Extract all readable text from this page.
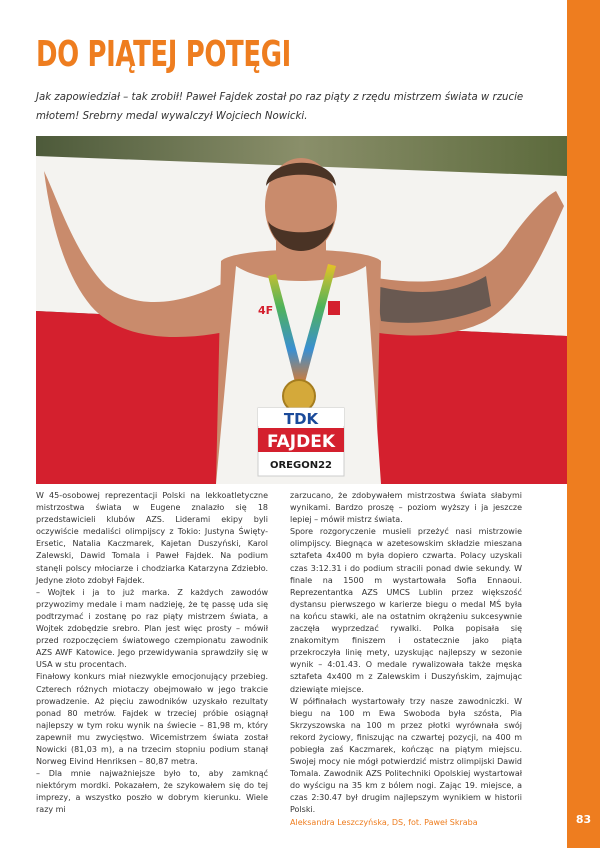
83
DO PIĄTEJ POTĘGI

Jak zapowiedział – tak zrobił! Paweł Fajdek został po raz piąty z rzędu mistrzem świata w rzucie młotem! Srebrny medal wywalczył Wojciech Nowicki.

4F
TDK
FAJDEK
OREGON22

W 45-osobowej reprezentacji Polski na lekkoatletyczne mistrzostwa świata w Eugene znalazło się 18 przedstawicieli klubów AZS. Liderami ekipy byli oczywiście medaliści olimpijscy z Tokio: Justyna Święty-Ersetic, Natalia Kaczmarek, Kajetan Duszyński, Karol Zalewski, Dawid Tomala i Paweł Fajdek. Na podium stanęli polscy młociarze i chodziarka Katarzyna Zdziebło. Jedyne złoto zdobył Fajdek.

– Wojtek i ja to już marka. Z każdych zawodów przywozimy medale i mam nadzieję, że tę passę uda się podtrzymać i zostanę po raz piąty mistrzem świata, a Wojtek zdobędzie srebro. Plan jest więc prosty – mówił przed rozpoczęciem światowego czempionatu zawodnik AZS AWF Katowice. Jego przewidywania sprawdziły się w USA w stu procentach.

Finałowy konkurs miał niezwykle emocjonujący przebieg. Czterech różnych miotaczy obejmowało w jego trakcie prowadzenie. Aż pięciu zawodników uzyskało rezultaty ponad 80 metrów. Fajdek w trzeciej próbie osiągnął najlepszy w tym roku wynik na świecie – 81,98 m, który zapewnił mu zwycięstwo. Wicemistrzem świata został Nowicki (81,03 m), a na trzecim stopniu podium stanął Norweg Eivind Henriksen – 80,87 metra.

– Dla mnie najważniejsze było to, aby zamknąć niektórym mordki. Pokazałem, że szykowałem się do tej imprezy, a wszystko poszło w dobrym kierunku. Wiele razy mi

zarzucano, że zdobywałem mistrzostwa świata słabymi wynikami. Bardzo proszę – poziom wyższy i ja jeszcze lepiej – mówił mistrz świata.

Spore rozgoryczenie musieli przeżyć nasi mistrzowie olimpijscy. Biegnąca w azetesowskim składzie mieszana sztafeta 4x400 m była dopiero czwarta. Polacy uzyskali czas 3:12.31 i do podium stracili ponad dwie sekundy. W finale na 1500 m wystartowała Sofia Ennaoui. Reprezentantka AZS UMCS Lublin przez większość dystansu pierwszego w karierze biegu o medal MŚ była na końcu stawki, ale na ostatnim okrążeniu sukcesywnie zaczęła wyprzedzać rywalki. Polka popisała się znakomitym finiszem i ostatecznie jako piąta przekroczyła linię mety, uzyskując najlepszy w sezonie wynik – 4:01.43. O medale rywalizowała także męska sztafeta 4x400 m z Zalewskim i Duszyńskim, zajmując dziewiąte miejsce.

W półfinałach wystartowały trzy nasze zawodniczki. W biegu na 100 m Ewa Swoboda była szósta, Pia Skrzyszowska na 100 m przez płotki wyrównała swój rekord życiowy, finiszując na czwartej pozycji, na 400 m pobiegła zaś Kaczmarek, kończąc na piątym miejscu. Swojej mocy nie mógł potwierdzić mistrz olimpijski Dawid Tomala. Zawodnik AZS Politechniki Opolskiej wystartował do wyścigu na 35 km z bólem nogi. Zając 19. miejsce, a czas 2:30.47 był drugim najlepszym wynikiem w historii Polski.

Aleksandra Leszczyńska, DS, fot. Paweł Skraba
